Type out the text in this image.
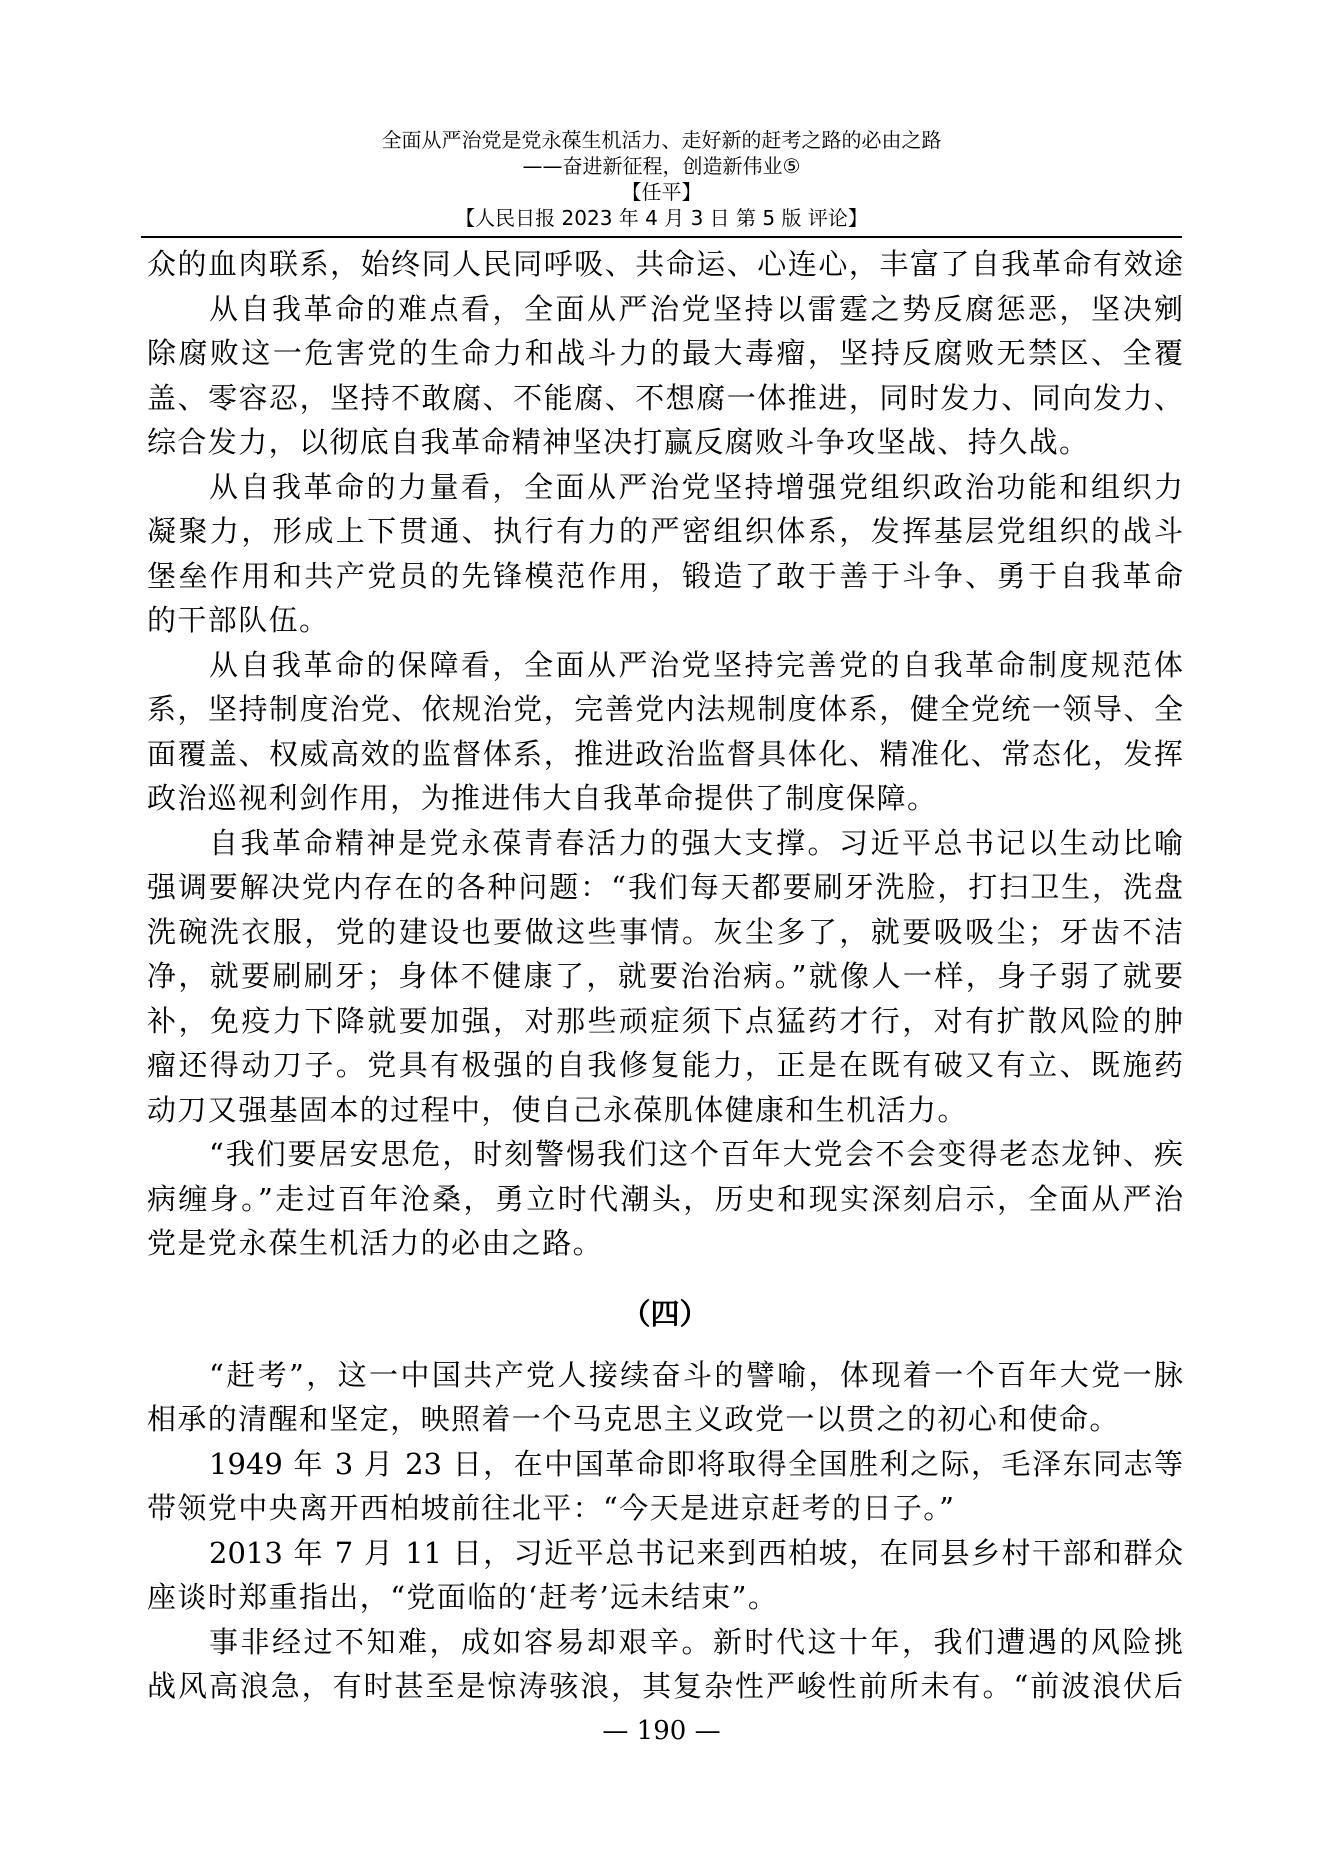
全面从严治党是党永葆生机活力、走好新的赶考之路的必由之路
——奋进新征程，创造新伟业⑤
【任平】
【人民日报 2023 年 4 月 3 日 第 5 版 评论】
众的血肉联系，始终同人民同呼吸、共命运、心连心，丰富了自我革命有效途
从自我革命的难点看，全面从严治党坚持以雷霆之势反腐惩恶，坚决剜
除腐败这一危害党的生命力和战斗力的最大毒瘤，坚持反腐败无禁区、全覆
盖、零容忍，坚持不敢腐、不能腐、不想腐一体推进，同时发力、同向发力、
综合发力，以彻底自我革命精神坚决打赢反腐败斗争攻坚战、持久战。
从自我革命的力量看，全面从严治党坚持增强党组织政治功能和组织力
凝聚力，形成上下贯通、执行有力的严密组织体系，发挥基层党组织的战斗
堡垒作用和共产党员的先锋模范作用，锻造了敢于善于斗争、勇于自我革命
的干部队伍。
从自我革命的保障看，全面从严治党坚持完善党的自我革命制度规范体
系，坚持制度治党、依规治党，完善党内法规制度体系，健全党统一领导、全
面覆盖、权威高效的监督体系，推进政治监督具体化、精准化、常态化，发挥
政治巡视利剑作用，为推进伟大自我革命提供了制度保障。
自我革命精神是党永葆青春活力的强大支撑。习近平总书记以生动比喻
强调要解决党内存在的各种问题：“我们每天都要刷牙洗脸，打扫卫生，洗盘
洗碗洗衣服，党的建设也要做这些事情。灰尘多了，就要吸吸尘；牙齿不洁
净，就要刷刷牙；身体不健康了，就要治治病。”就像人一样，身子弱了就要
补，免疫力下降就要加强，对那些顽症须下点猛药才行，对有扩散风险的肿
瘤还得动刀子。党具有极强的自我修复能力，正是在既有破又有立、既施药
动刀又强基固本的过程中，使自己永葆肌体健康和生机活力。
“我们要居安思危，时刻警惕我们这个百年大党会不会变得老态龙钟、疾
病缠身。”走过百年沧桑，勇立时代潮头，历史和现实深刻启示，全面从严治
党是党永葆生机活力的必由之路。
（四）
“赶考”，这一中国共产党人接续奋斗的譬喻，体现着一个百年大党一脉
相承的清醒和坚定，映照着一个马克思主义政党一以贯之的初心和使命。
1949 年 3 月 23 日，在中国革命即将取得全国胜利之际，毛泽东同志等
带领党中央离开西柏坡前往北平：“今天是进京赶考的日子。”
2013 年 7 月 11 日，习近平总书记来到西柏坡，在同县乡村干部和群众
座谈时郑重指出，“党面临的‘赶考’远未结束”。
事非经过不知难，成如容易却艰辛。新时代这十年，我们遭遇的风险挑
战风高浪急，有时甚至是惊涛骇浪，其复杂性严峻性前所未有。“前波浪伏后
— 190 —
